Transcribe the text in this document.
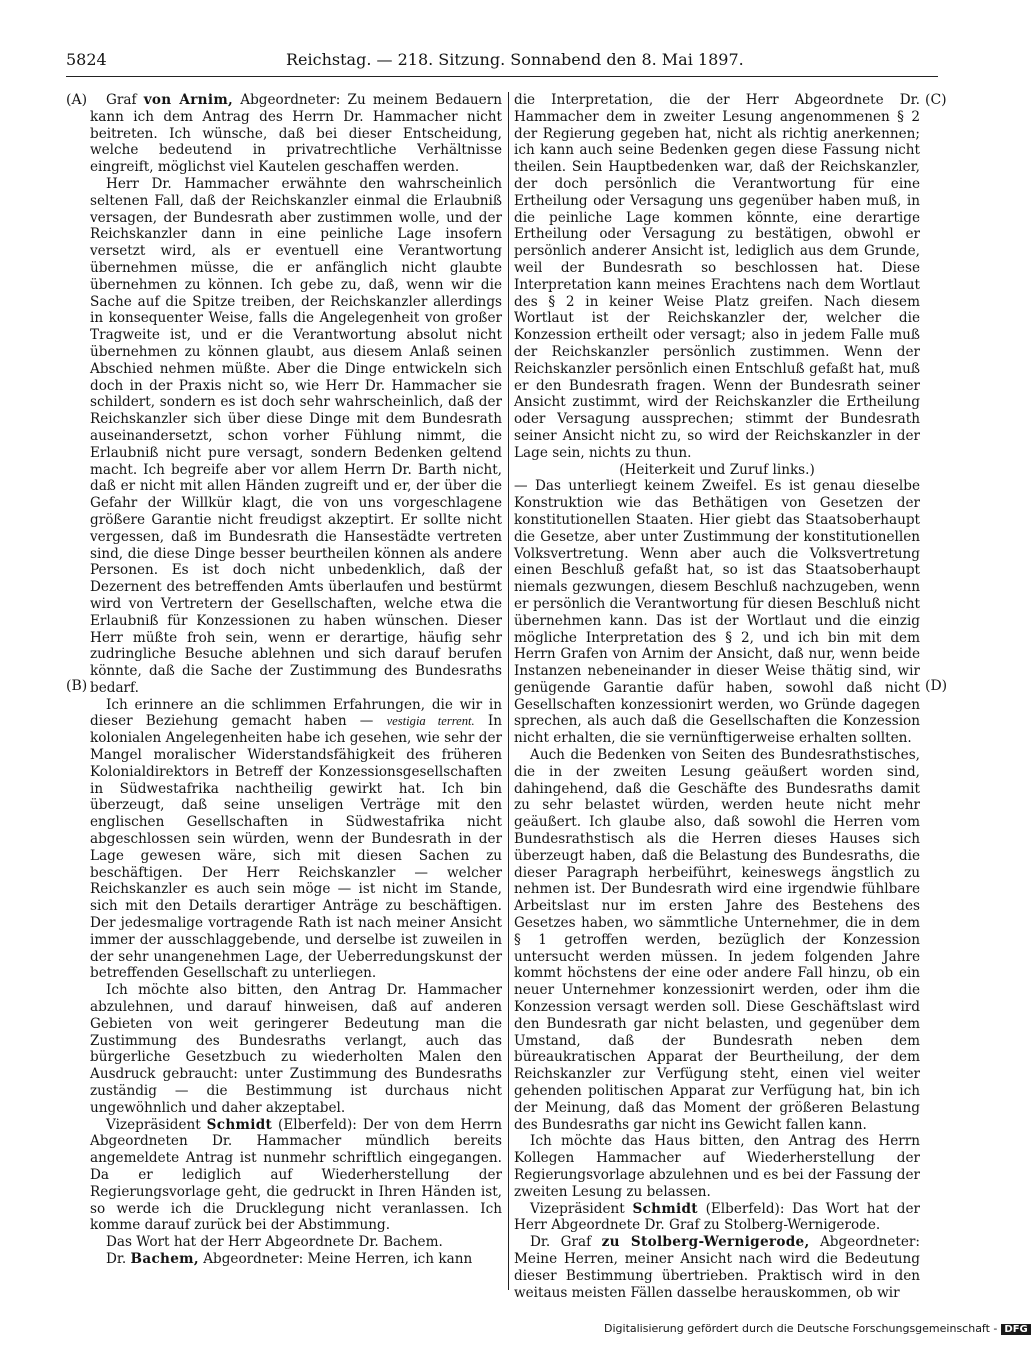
5824	Reichstag. — 218. Sitzung. Sonnabend den 8. Mai 1897.
(A)
(B)
(C)
(D)

Graf von Arnim, Abgeordneter: Zu meinem Bedauern kann ich dem Antrag des Herrn Dr. Hammacher nicht beitreten. Ich wünsche, daß bei dieser Entscheidung, welche bedeutend in privatrechtliche Verhältnisse eingreift, möglichst viel Kautelen geschaffen werden.

Herr Dr. Hammacher erwähnte den wahrscheinlich seltenen Fall, daß der Reichskanzler einmal die Erlaubniß versagen, der Bundesrath aber zustimmen wolle, und der Reichskanzler dann in eine peinliche Lage insofern versetzt wird, als er eventuell eine Verantwortung übernehmen müsse, die er anfänglich nicht glaubte übernehmen zu können. Ich gebe zu, daß, wenn wir die Sache auf die Spitze treiben, der Reichskanzler allerdings in konsequenter Weise, falls die Angelegenheit von großer Tragweite ist, und er die Verantwortung absolut nicht übernehmen zu können glaubt, aus diesem Anlaß seinen Abschied nehmen müßte. Aber die Dinge entwickeln sich doch in der Praxis nicht so, wie Herr Dr. Hammacher sie schildert, sondern es ist doch sehr wahrscheinlich, daß der Reichskanzler sich über diese Dinge mit dem Bundesrath auseinandersetzt, schon vorher Fühlung nimmt, die Erlaubniß nicht pure versagt, sondern Bedenken geltend macht. Ich begreife aber vor allem Herrn Dr. Barth nicht, daß er nicht mit allen Händen zugreift und er, der über die Gefahr der Willkür klagt, die von uns vorgeschlagene größere Garantie nicht freudigst akzeptirt. Er sollte nicht vergessen, daß im Bundesrath die Hansestädte vertreten sind, die diese Dinge besser beurtheilen können als andere Personen. Es ist doch nicht unbedenklich, daß der Dezernent des betreffenden Amts überlaufen und bestürmt wird von Vertretern der Gesellschaften, welche etwa die Erlaubniß für Konzessionen zu haben wünschen. Dieser Herr müßte froh sein, wenn er derartige, häufig sehr zudringliche Besuche ablehnen und sich darauf berufen könnte, daß die Sache der Zustimmung des Bundesraths bedarf.

Ich erinnere an die schlimmen Erfahrungen, die wir in dieser Beziehung gemacht haben — vestigia terrent. In kolonialen Angelegenheiten habe ich gesehen, wie sehr der Mangel moralischer Widerstandsfähigkeit des früheren Kolonialdirektors in Betreff der Konzessionsgesellschaften in Südwestafrika nachtheilig gewirkt hat. Ich bin überzeugt, daß seine unseligen Verträge mit den englischen Gesellschaften in Südwestafrika nicht abgeschlossen sein würden, wenn der Bundesrath in der Lage gewesen wäre, sich mit diesen Sachen zu beschäftigen. Der Herr Reichskanzler — welcher Reichskanzler es auch sein möge — ist nicht im Stande, sich mit den Details derartiger Anträge zu beschäftigen. Der jedesmalige vortragende Rath ist nach meiner Ansicht immer der ausschlaggebende, und derselbe ist zuweilen in der sehr unangenehmen Lage, der Ueberredungskunst der betreffenden Gesellschaft zu unterliegen.

Ich möchte also bitten, den Antrag Dr. Hammacher abzulehnen, und darauf hinweisen, daß auf anderen Gebieten von weit geringerer Bedeutung man die Zustimmung des Bundesraths verlangt, auch das bürgerliche Gesetzbuch zu wiederholten Malen den Ausdruck gebraucht: unter Zustimmung des Bundesraths zuständig — die Bestimmung ist durchaus nicht ungewöhnlich und daher akzeptabel.

Vizepräsident Schmidt (Elberfeld): Der von dem Herrn Abgeordneten Dr. Hammacher mündlich bereits angemeldete Antrag ist nunmehr schriftlich eingegangen. Da er lediglich auf Wiederherstellung der Regierungsvorlage geht, die gedruckt in Ihren Händen ist, so werde ich die Drucklegung nicht veranlassen. Ich komme darauf zurück bei der Abstimmung.

Das Wort hat der Herr Abgeordnete Dr. Bachem.

Dr. Bachem, Abgeordneter: Meine Herren, ich kann

die Interpretation, die der Herr Abgeordnete Dr. Hammacher dem in zweiter Lesung angenommenen § 2 der Regierung gegeben hat, nicht als richtig anerkennen; ich kann auch seine Bedenken gegen diese Fassung nicht theilen. Sein Hauptbedenken war, daß der Reichskanzler, der doch persönlich die Verantwortung für eine Ertheilung oder Versagung uns gegenüber haben muß, in die peinliche Lage kommen könnte, eine derartige Ertheilung oder Versagung zu bestätigen, obwohl er persönlich anderer Ansicht ist, lediglich aus dem Grunde, weil der Bundesrath so beschlossen hat. Diese Interpretation kann meines Erachtens nach dem Wortlaut des § 2 in keiner Weise Platz greifen. Nach diesem Wortlaut ist der Reichskanzler der, welcher die Konzession ertheilt oder versagt; also in jedem Falle muß der Reichskanzler persönlich zustimmen. Wenn der Reichskanzler persönlich einen Entschluß gefaßt hat, muß er den Bundesrath fragen. Wenn der Bundesrath seiner Ansicht zustimmt, wird der Reichskanzler die Ertheilung oder Versagung aussprechen; stimmt der Bundesrath seiner Ansicht nicht zu, so wird der Reichskanzler in der Lage sein, nichts zu thun.

(Heiterkeit und Zuruf links.)

— Das unterliegt keinem Zweifel. Es ist genau dieselbe Konstruktion wie das Bethätigen von Gesetzen der konstitutionellen Staaten. Hier giebt das Staatsoberhaupt die Gesetze, aber unter Zustimmung der konstitutionellen Volksvertretung. Wenn aber auch die Volksvertretung einen Beschluß gefaßt hat, so ist das Staatsoberhaupt niemals gezwungen, diesem Beschluß nachzugeben, wenn er persönlich die Verantwortung für diesen Beschluß nicht übernehmen kann. Das ist der Wortlaut und die einzig mögliche Interpretation des § 2, und ich bin mit dem Herrn Grafen von Arnim der Ansicht, daß nur, wenn beide Instanzen nebeneinander in dieser Weise thätig sind, wir genügende Garantie dafür haben, sowohl daß nicht Gesellschaften konzessionirt werden, wo Gründe dagegen sprechen, als auch daß die Gesellschaften die Konzession nicht erhalten, die sie vernünftigerweise erhalten sollten.

Auch die Bedenken von Seiten des Bundesrathstisches, die in der zweiten Lesung geäußert worden sind, dahingehend, daß die Geschäfte des Bundesraths damit zu sehr belastet würden, werden heute nicht mehr geäußert. Ich glaube also, daß sowohl die Herren vom Bundesrathstisch als die Herren dieses Hauses sich überzeugt haben, daß die Belastung des Bundesraths, die dieser Paragraph herbeiführt, keineswegs ängstlich zu nehmen ist. Der Bundesrath wird eine irgendwie fühlbare Arbeitslast nur im ersten Jahre des Bestehens des Gesetzes haben, wo sämmtliche Unternehmer, die in dem § 1 getroffen werden, bezüglich der Konzession untersucht werden müssen. In jedem folgenden Jahre kommt höchstens der eine oder andere Fall hinzu, ob ein neuer Unternehmer konzessionirt werden, oder ihm die Konzession versagt werden soll. Diese Geschäftslast wird den Bundesrath gar nicht belasten, und gegenüber dem Umstand, daß der Bundesrath neben dem büreaukratischen Apparat der Beurtheilung, der dem Reichskanzler zur Verfügung steht, einen viel weiter gehenden politischen Apparat zur Verfügung hat, bin ich der Meinung, daß das Moment der größeren Belastung des Bundesraths gar nicht ins Gewicht fallen kann.

Ich möchte das Haus bitten, den Antrag des Herrn Kollegen Hammacher auf Wiederherstellung der Regierungsvorlage abzulehnen und es bei der Fassung der zweiten Lesung zu belassen.

Vizepräsident Schmidt (Elberfeld): Das Wort hat der Herr Abgeordnete Dr. Graf zu Stolberg-Wernigerode.

Dr. Graf zu Stolberg-Wernigerode, Abgeordneter: Meine Herren, meiner Ansicht nach wird die Bedeutung dieser Bestimmung übertrieben. Praktisch wird in den weitaus meisten Fällen dasselbe herauskommen, ob wir

Digitalisierung gefördert durch die Deutsche Forschungsgemeinschaft - DFG
